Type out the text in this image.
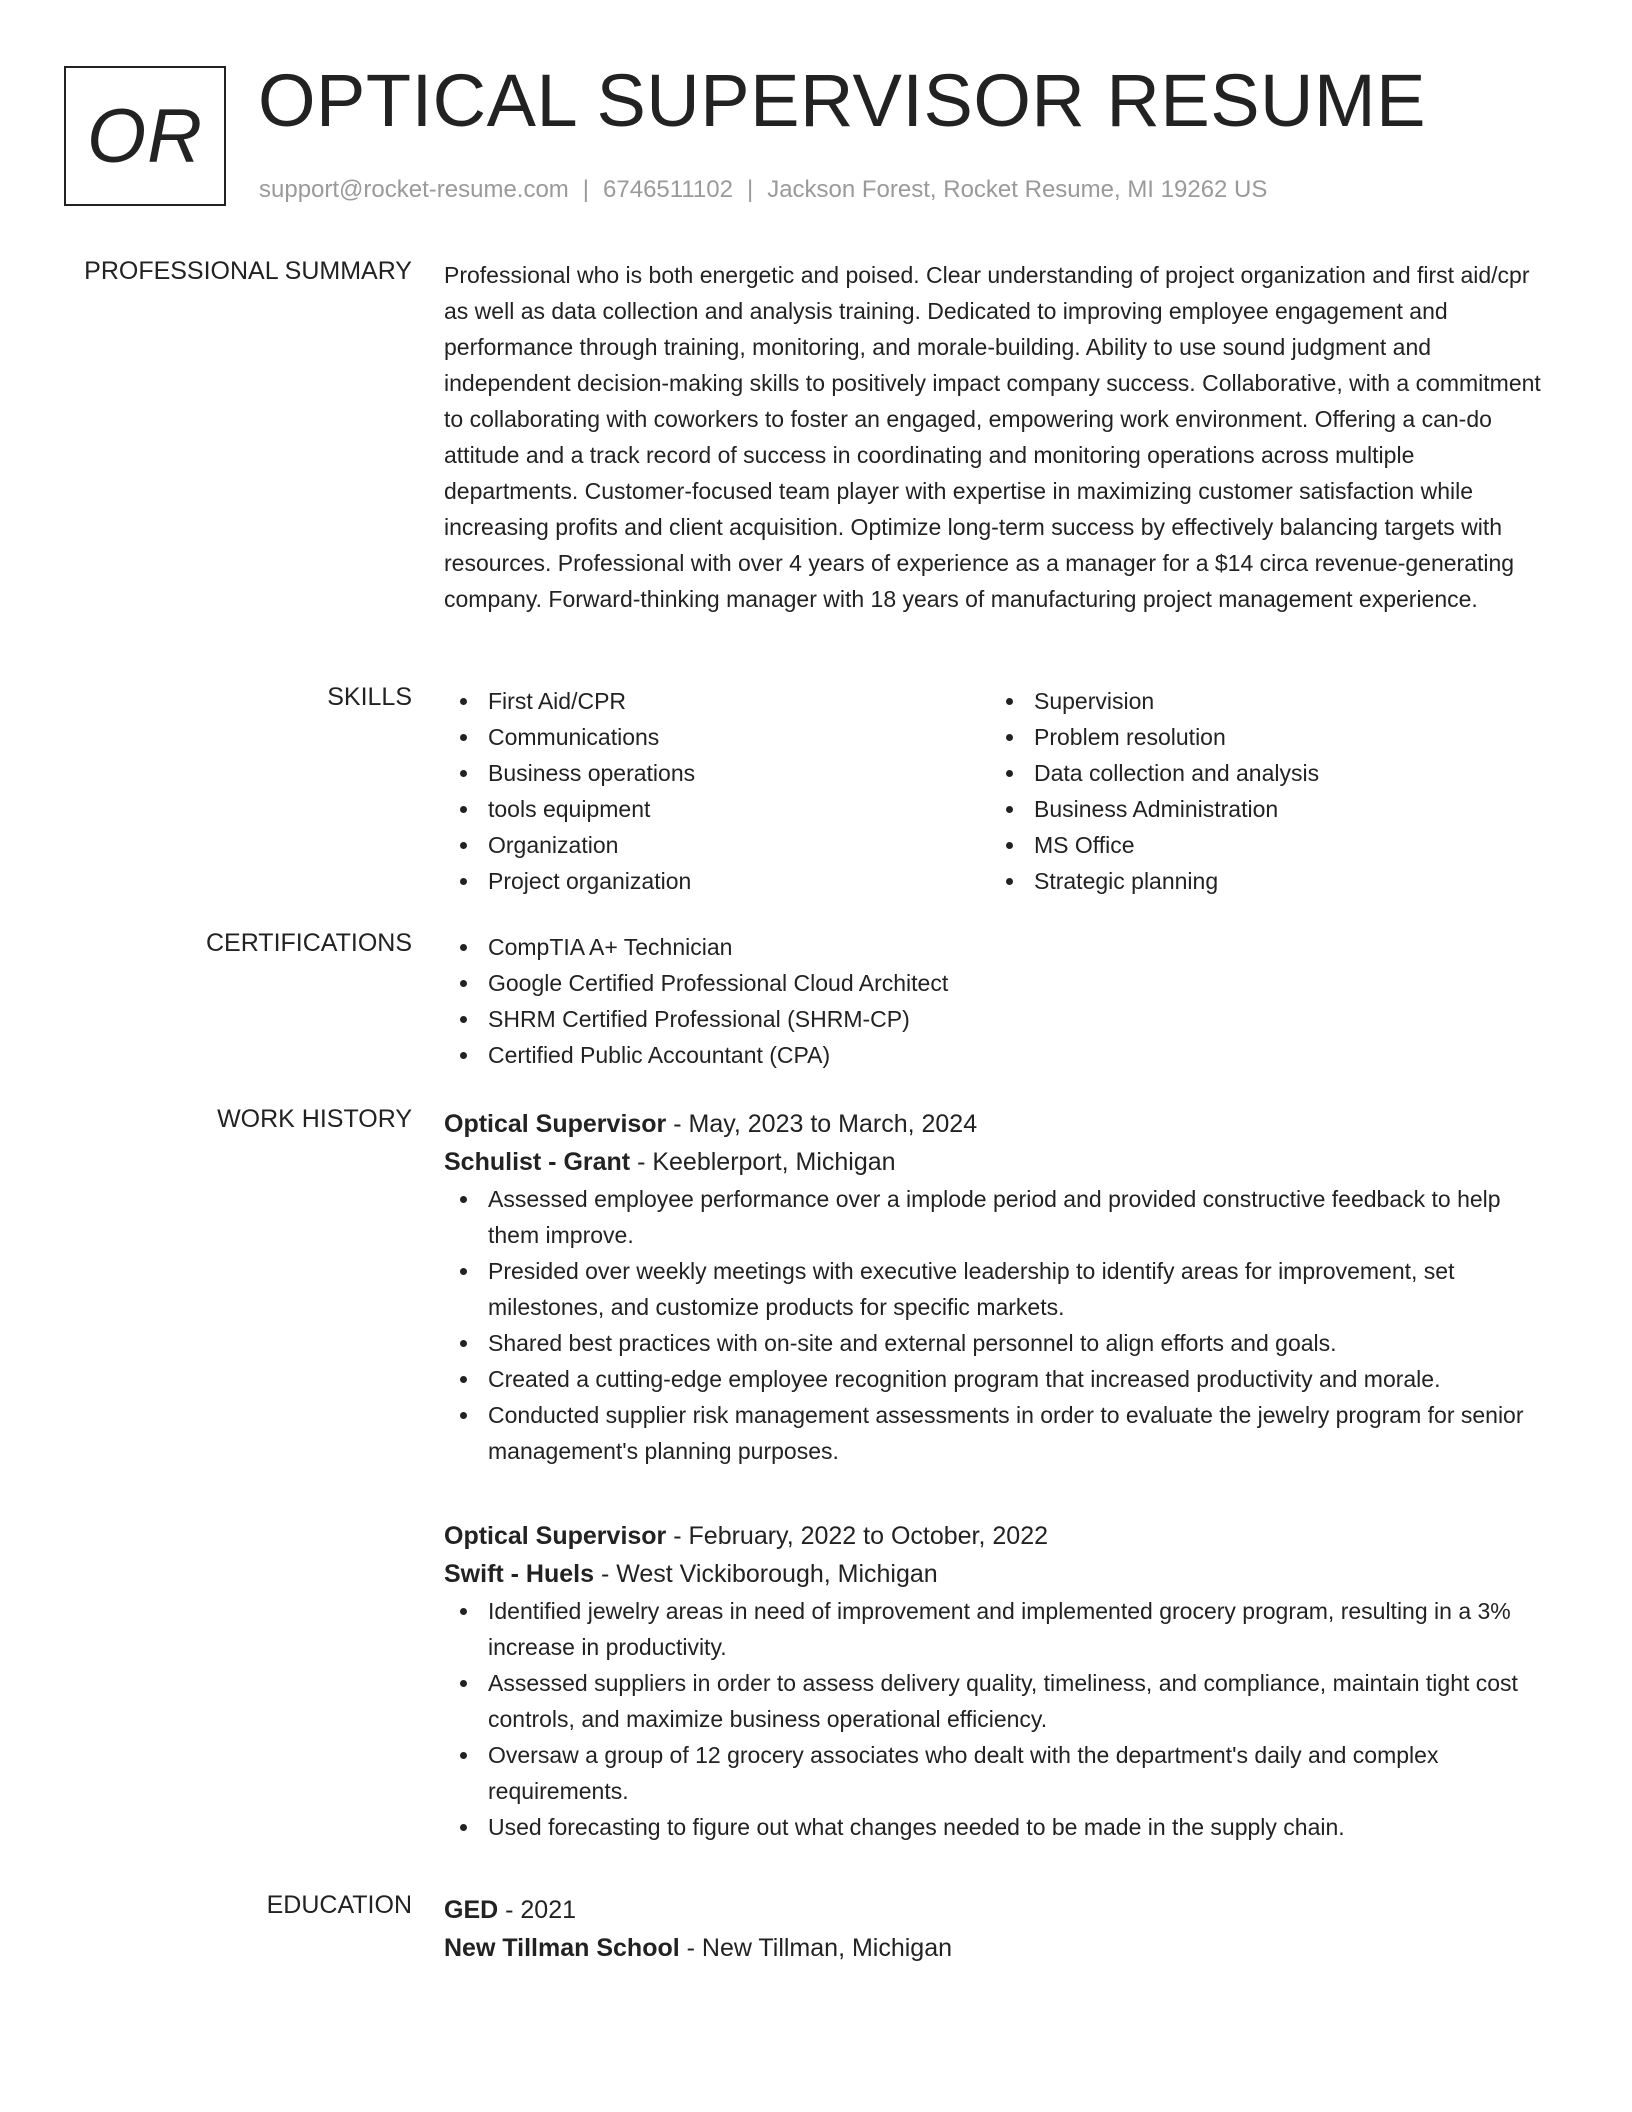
OR OPTICAL SUPERVISOR RESUME
support@rocket-resume.com | 6746511102 | Jackson Forest, Rocket Resume, MI 19262 US
PROFESSIONAL SUMMARY Professional who is both energetic and poised. Clear understanding of project organization and first aid/cpr as well as data collection and analysis training. Dedicated to improving employee engagement and performance through training, monitoring, and morale-building. Ability to use sound judgment and independent decision-making skills to positively impact company success. Collaborative, with a commitment to collaborating with coworkers to foster an engaged, empowering work environment. Offering a can-do attitude and a track record of success in coordinating and monitoring operations across multiple departments. Customer-focused team player with expertise in maximizing customer satisfaction while increasing profits and client acquisition. Optimize long-term success by effectively balancing targets with resources. Professional with over 4 years of experience as a manager for a $14 circa revenue-generating company. Forward-thinking manager with 18 years of manufacturing project management experience.

SKILLS	First Aid/CPR
Communications
Business operations
tools equipment
Organization
Project organization
Supervision
Problem resolution
Data collection and analysis
Business Administration
MS Office
Strategic planning
CERTIFICATIONS	CompTIA A+ Technician
Google Certified Professional Cloud Architect
SHRM Certified Professional (SHRM-CP)
Certified Public Accountant (CPA)
WORK HISTORY Optical Supervisor - May, 2023 to March, 2024
Schulist - Grant - Keeblerport, Michigan
Assessed employee performance over a implode period and provided constructive feedback to help them improve.
Presided over weekly meetings with executive leadership to identify areas for improvement, set milestones, and customize products for specific markets.
Shared best practices with on-site and external personnel to align efforts and goals.
Created a cutting-edge employee recognition program that increased productivity and morale.
Conducted supplier risk management assessments in order to evaluate the jewelry program for senior management's planning purposes.
Optical Supervisor - February, 2022 to October, 2022
Swift - Huels - West Vickiborough, Michigan
Identified jewelry areas in need of improvement and implemented grocery program, resulting in a 3% increase in productivity.
Assessed suppliers in order to assess delivery quality, timeliness, and compliance, maintain tight cost controls, and maximize business operational efficiency.
Oversaw a group of 12 grocery associates who dealt with the department's daily and complex requirements.
Used forecasting to figure out what changes needed to be made in the supply chain.
EDUCATION GED - 2021
New Tillman School - New Tillman, Michigan
